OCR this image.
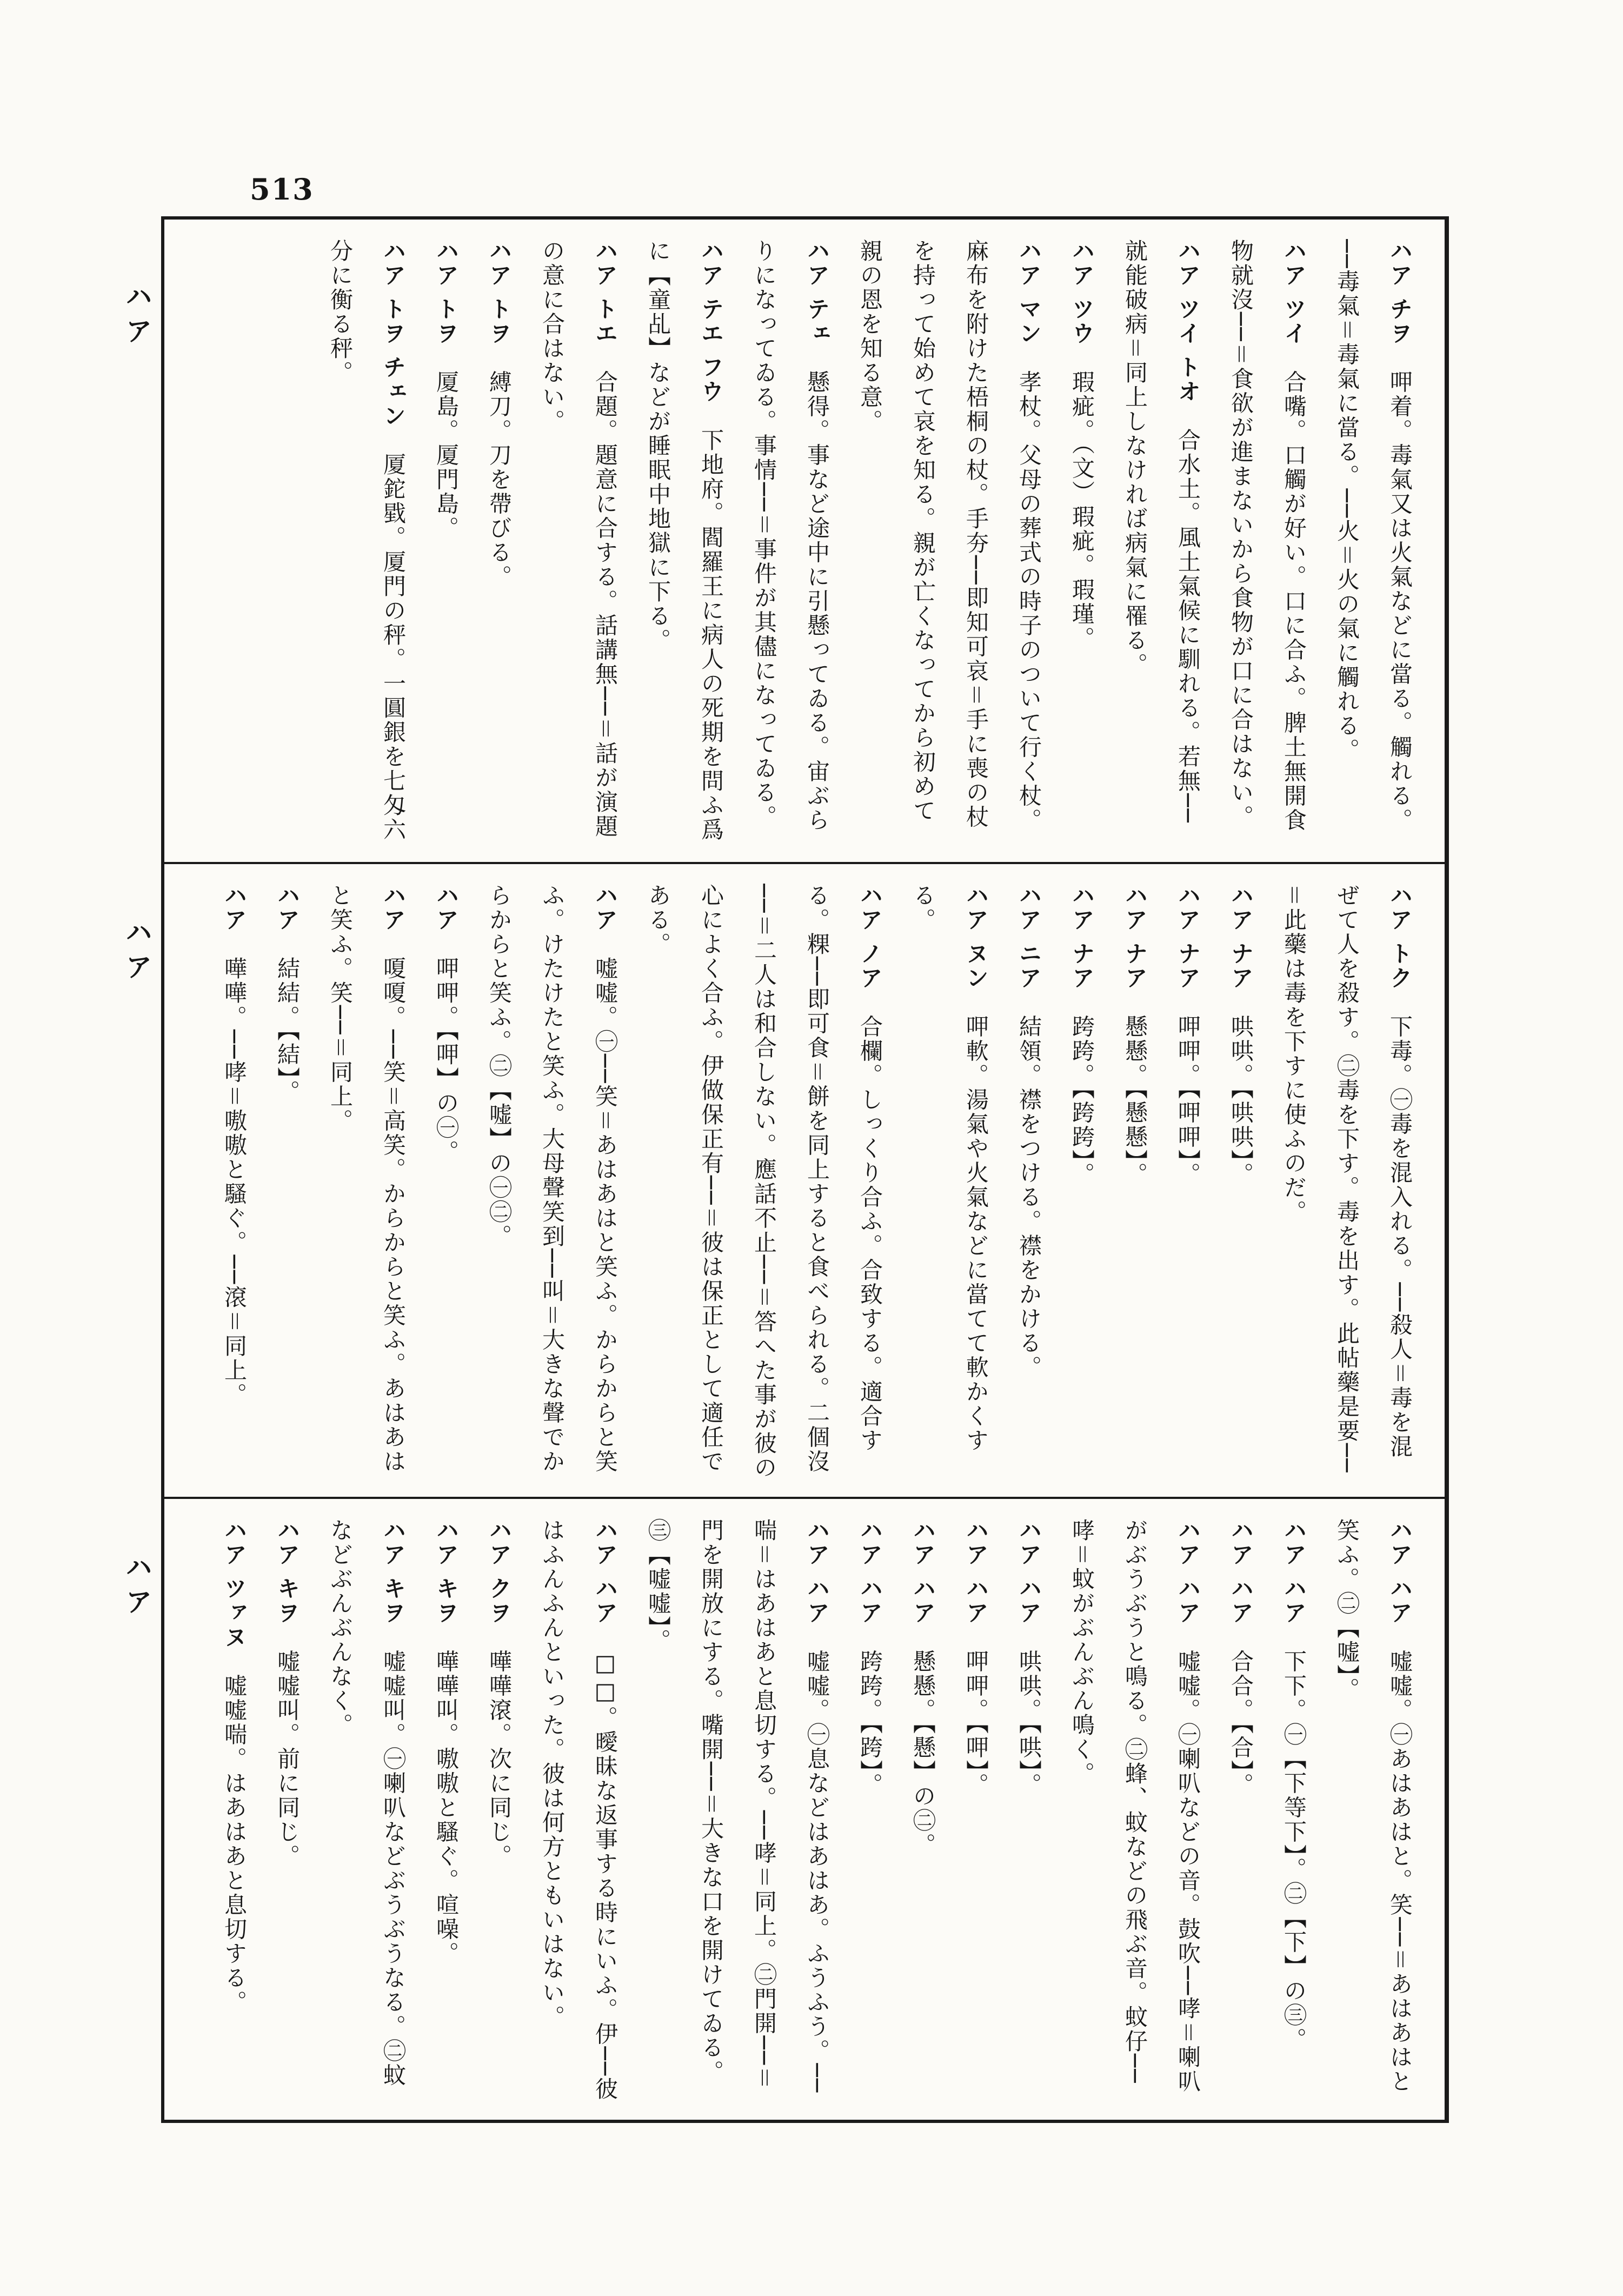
513
ハア
ハア
ハア

ハア チヲ　呷着。毒氣又は火氣などに當る。觸れる。──毒氣＝毒氣に當る。──火＝火の氣に觸れる。

ハア ツイ　合嘴。口觸が好い。口に合ふ。脾土無開食物就沒──＝食欲が進まないから食物が口に合はない。

ハア ツイ トオ　合水土。風土氣候に馴れる。若無──就能破病＝同上しなければ病氣に罹る。

ハア ツウ　瑕疵。（文）瑕疵。瑕瑾。

ハア マン　孝杖。父母の葬式の時子のついて行く杖。麻布を附けた梧桐の杖。手夯──即知可哀＝手に喪の杖を持って始めて哀を知る。親が亡くなってから初めて親の恩を知る意。

ハア テェ　懸得。事など途中に引懸ってゐる。宙ぶらりになってゐる。事情──＝事件が其儘になってゐる。

ハア テエ フウ　下地府。閻羅王に病人の死期を問ふ爲に【童乩】などが睡眠中地獄に下る。

ハア トエ　合題。題意に合する。話講無──＝話が演題の意に合はない。

ハア トヲ　縛刀。刀を帶びる。

ハア トヲ　厦島。厦門島。

ハア トヲ チェン　厦鉈戥。厦門の秤。一圓銀を七匁六分に衡る秤。

ハア トク　下毒。㊀毒を混入れる。──殺人＝毒を混ぜて人を殺す。㊁毒を下す。毒を出す。此帖藥是要──＝此藥は毒を下すに使ふのだ。

ハア ナア　哄哄。【哄哄】。

ハア ナア　呷呷。【呷呷】。

ハア ナア　懸懸。【懸懸】。

ハア ナア　跨跨。【跨跨】。

ハア ニア　結領。襟をつける。襟をかける。

ハア ヌン　呷軟。湯氣や火氣などに當てて軟かくする。

ハア ノア　合欄。しっくり合ふ。合致する。適合する。粿──即可食＝餅を同上すると食べられる。二個沒──＝二人は和合しない。應話不止──＝答へた事が彼の心によく合ふ。伊做保正有──＝彼は保正として適任である。

ハア　嘘嘘。㊀──笑＝あはあはと笑ふ。からからと笑ふ。けたけたと笑ふ。大母聲笑到──叫＝大きな聲でからからと笑ふ。㊁【嘘】の㊀㊁。

ハア　呷呷。【呷】の㊀。

ハア　嗄嗄。──笑＝高笑。からからと笑ふ。あはあはと笑ふ。笑──＝同上。

ハア　結結。【結】。

ハア　嘩嘩。──哮＝嗷嗷と騷ぐ。──滾＝同上。

ハア ハア　嘘嘘。㊀あはあはと。笑──＝あはあはと笑ふ。㊁【嘘】。

ハア ハア　下下。㊀【下等下】。㊁【下】の㊂。

ハア ハア　合合。【合】。

ハア ハア　嘘嘘。㊀喇叭などの音。鼓吹──哮＝喇叭がぶうぶうと鳴る。㊁蜂、蚊などの飛ぶ音。蚊仔──哮＝蚊がぶんぶん鳴く。

ハア ハア　哄哄。【哄】。

ハア ハア　呷呷。【呷】。

ハア ハア　懸懸。【懸】の㊁。

ハア ハア　跨跨。【跨】。

ハア ハア　嘘嘘。㊀息などはあはあ。ふうふう。──喘＝はあはあと息切する。──哮＝同上。㊁門開──＝門を開放にする。嘴開──＝大きな口を開けてゐる。㊂【嘘嘘】。

ハア ハア　□□。曖昧な返事する時にいふ。伊──彼はふんふんといった。彼は何方ともいはない。

ハア クヲ　嘩嘩滾。次に同じ。

ハア キヲ　嘩嘩叫。嗷嗷と騷ぐ。喧噪。

ハア キヲ　嘘嘘叫。㊀喇叭などぶうぶうなる。㊁蚊などぶんぶんなく。

ハア キヲ　嘘嘘叫。前に同じ。

ハア ツァヌ　嘘嘘喘。はあはあと息切する。
